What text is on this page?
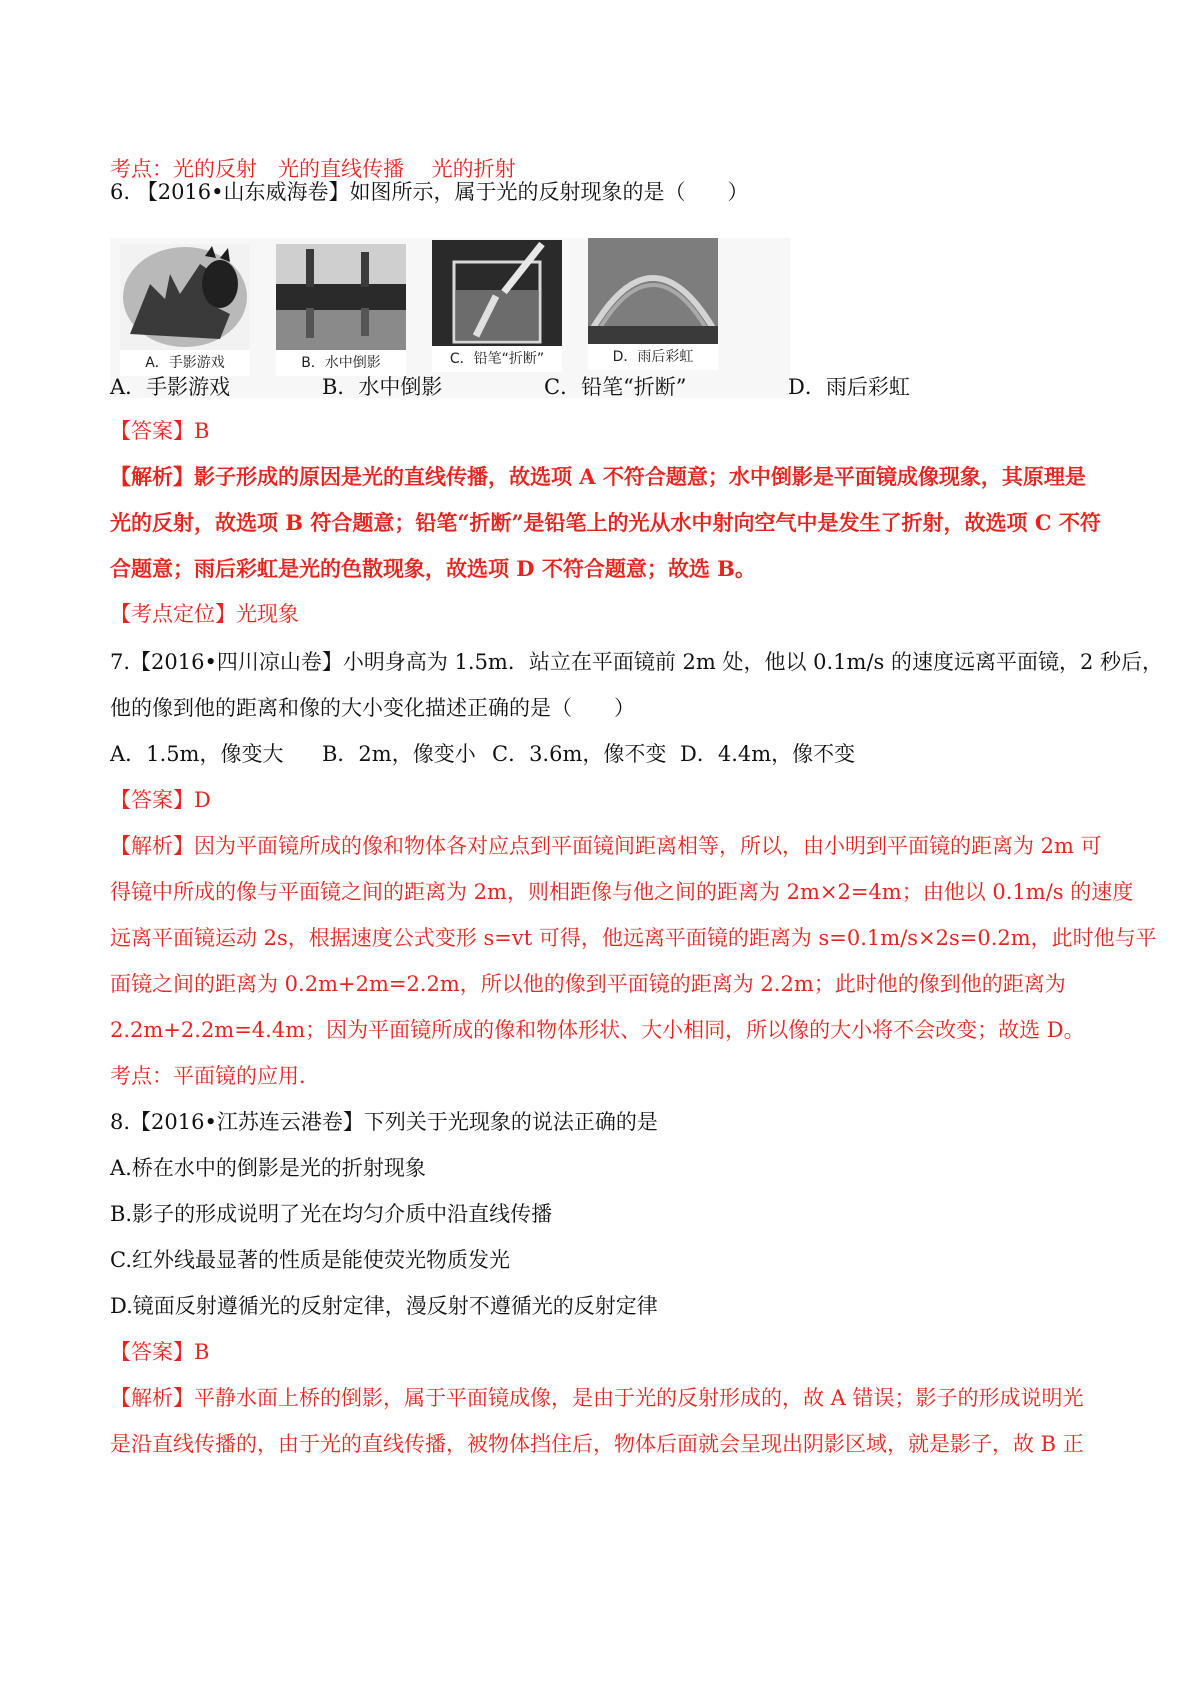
考点：光的反射　光的直线传播　 光的折射
6. 【2016•山东威海卷】如图所示，属于光的反射现象的是（　　）
A．手影游戏	B．水中倒影	C．铅笔“折断”	D．雨后彩虹
A．手影游戏	B．水中倒影	C．铅笔“折断”	D．雨后彩虹
【答案】B
【解析】影子形成的原因是光的直线传播，故选项 A 不符合题意；水中倒影是平面镜成像现象，其原理是
光的反射，故选项 B 符合题意；铅笔“折断”是铅笔上的光从水中射向空气中是发生了折射，故选项 C 不符
合题意；雨后彩虹是光的色散现象，故选项 D 不符合题意；故选 B。
【考点定位】光现象
7.【2016•四川凉山卷】小明身高为 1.5m．站立在平面镜前 2m 处，他以 0.1m/s 的速度远离平面镜，2 秒后，
他的像到他的距离和像的大小变化描述正确的是（　　）
A．1.5m，像变大 B．2m，像变小 C．3.6m，像不变 D．4.4m，像不变
【答案】D
【解析】因为平面镜所成的像和物体各对应点到平面镜间距离相等，所以，由小明到平面镜的距离为 2m 可
得镜中所成的像与平面镜之间的距离为 2m，则相距像与他之间的距离为 2m×2=4m；由他以 0.1m/s 的速度
远离平面镜运动 2s，根据速度公式变形 s=vt 可得，他远离平面镜的距离为 s=0.1m/s×2s=0.2m，此时他与平
面镜之间的距离为 0.2m+2m=2.2m，所以他的像到平面镜的距离为 2.2m；此时他的像到他的距离为
2.2m+2.2m=4.4m；因为平面镜所成的像和物体形状、大小相同，所以像的大小将不会改变；故选 D。
考点：平面镜的应用．
8.【2016•江苏连云港卷】下列关于光现象的说法正确的是
A.桥在水中的倒影是光的折射现象
B.影子的形成说明了光在均匀介质中沿直线传播
C.红外线最显著的性质是能使荧光物质发光
D.镜面反射遵循光的反射定律，漫反射不遵循光的反射定律
【答案】B
【解析】平静水面上桥的倒影，属于平面镜成像，是由于光的反射形成的，故 A 错误；影子的形成说明光
是沿直线传播的，由于光的直线传播，被物体挡住后，物体后面就会呈现出阴影区域，就是影子，故 B 正
